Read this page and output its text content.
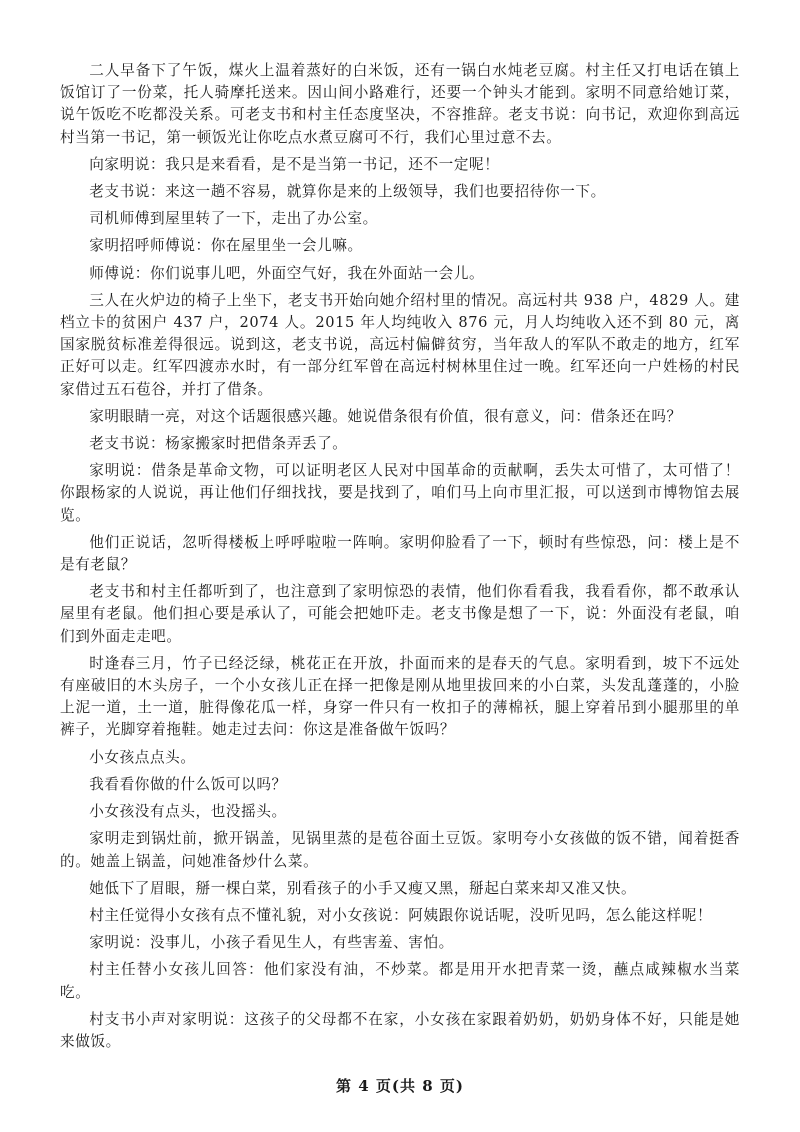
二人早备下了午饭，煤火上温着蒸好的白米饭，还有一锅白水炖老豆腐。村主任又打电话在镇上饭馆订了一份菜，托人骑摩托送来。因山间小路难行，还要一个钟头才能到。家明不同意给她订菜，说午饭吃不吃都没关系。可老支书和村主任态度坚决，不容推辞。老支书说：向书记，欢迎你到高远村当第一书记，第一顿饭光让你吃点水煮豆腐可不行，我们心里过意不去。

向家明说：我只是来看看，是不是当第一书记，还不一定呢！

老支书说：来这一趟不容易，就算你是来的上级领导，我们也要招待你一下。

司机师傅到屋里转了一下，走出了办公室。

家明招呼师傅说：你在屋里坐一会儿嘛。

师傅说：你们说事儿吧，外面空气好，我在外面站一会儿。

三人在火炉边的椅子上坐下，老支书开始向她介绍村里的情况。高远村共 938 户，4829 人。建档立卡的贫困户 437 户，2074 人。2015 年人均纯收入 876 元，月人均纯收入还不到 80 元，离国家脱贫标准差得很远。说到这，老支书说，高远村偏僻贫穷，当年敌人的军队不敢走的地方，红军正好可以走。红军四渡赤水时，有一部分红军曾在高远村树林里住过一晚。红军还向一户姓杨的村民家借过五石苞谷，并打了借条。

家明眼睛一亮，对这个话题很感兴趣。她说借条很有价值，很有意义，问：借条还在吗？

老支书说：杨家搬家时把借条弄丢了。

家明说：借条是革命文物，可以证明老区人民对中国革命的贡献啊，丢失太可惜了，太可惜了！你跟杨家的人说说，再让他们仔细找找，要是找到了，咱们马上向市里汇报，可以送到市博物馆去展览。

他们正说话，忽听得楼板上呼呼啦啦一阵响。家明仰脸看了一下，顿时有些惊恐，问：楼上是不是有老鼠？

老支书和村主任都听到了，也注意到了家明惊恐的表情，他们你看看我，我看看你，都不敢承认屋里有老鼠。他们担心要是承认了，可能会把她吓走。老支书像是想了一下，说：外面没有老鼠，咱们到外面走走吧。

时逢春三月，竹子已经泛绿，桃花正在开放，扑面而来的是春天的气息。家明看到，坡下不远处有座破旧的木头房子，一个小女孩儿正在择一把像是刚从地里拔回来的小白菜，头发乱蓬蓬的，小脸上泥一道，土一道，脏得像花瓜一样，身穿一件只有一枚扣子的薄棉袄，腿上穿着吊到小腿那里的单裤子，光脚穿着拖鞋。她走过去问：你这是准备做午饭吗？

小女孩点点头。

我看看你做的什么饭可以吗？

小女孩没有点头，也没摇头。

家明走到锅灶前，掀开锅盖，见锅里蒸的是苞谷面土豆饭。家明夸小女孩做的饭不错，闻着挺香的。她盖上锅盖，问她准备炒什么菜。

她低下了眉眼，掰一棵白菜，别看孩子的小手又瘦又黑，掰起白菜来却又准又快。

村主任觉得小女孩有点不懂礼貌，对小女孩说：阿姨跟你说话呢，没听见吗，怎么能这样呢！

家明说：没事儿，小孩子看见生人，有些害羞、害怕。

村主任替小女孩儿回答：他们家没有油，不炒菜。都是用开水把青菜一烫，蘸点咸辣椒水当菜吃。

村支书小声对家明说：这孩子的父母都不在家，小女孩在家跟着奶奶，奶奶身体不好，只能是她来做饭。

第 4 页(共 8 页)
